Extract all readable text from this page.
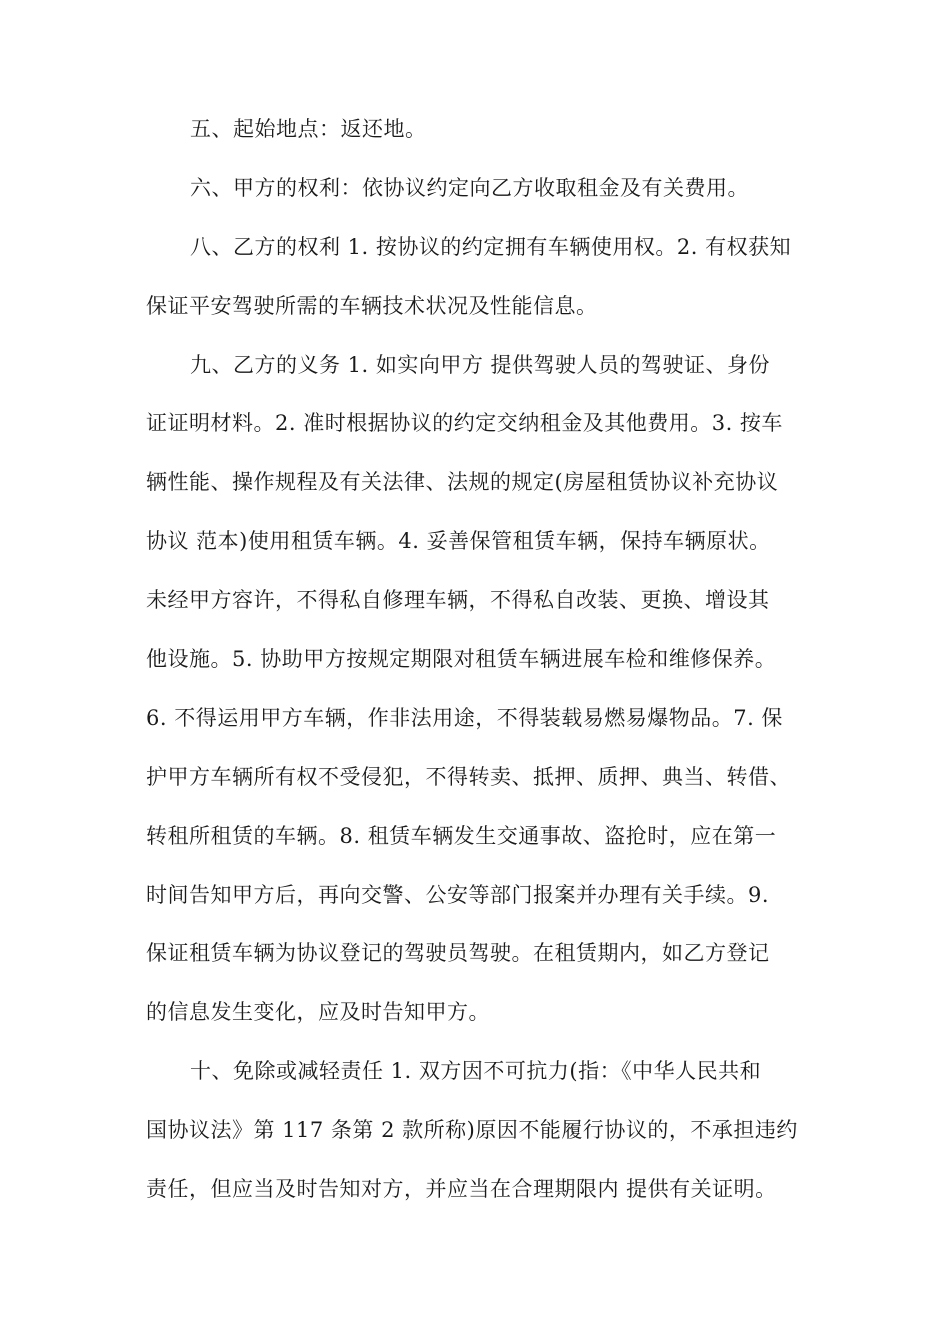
五、起始地点：返还地。
六、甲方的权利：依协议约定向乙方收取租金及有关费用。
八、乙方的权利 1. 按协议的约定拥有车辆使用权。2. 有权获知
保证平安驾驶所需的车辆技术状况及性能信息。
九、乙方的义务 1. 如实向甲方 提供驾驶人员的驾驶证、身份
证证明材料。2. 准时根据协议的约定交纳租金及其他费用。3. 按车
辆性能、操作规程及有关法律、法规的规定(房屋租赁协议补充协议
协议 范本)使用租赁车辆。4. 妥善保管租赁车辆，保持车辆原状。
未经甲方容许，不得私自修理车辆，不得私自改装、更换、增设其
他设施。5. 协助甲方按规定期限对租赁车辆进展车检和维修保养。
6. 不得运用甲方车辆，作非法用途，不得装载易燃易爆物品。7. 保
护甲方车辆所有权不受侵犯，不得转卖、抵押、质押、典当、转借、
转租所租赁的车辆。8. 租赁车辆发生交通事故、盗抢时，应在第一
时间告知甲方后，再向交警、公安等部门报案并办理有关手续。9.
保证租赁车辆为协议登记的驾驶员驾驶。在租赁期内，如乙方登记
的信息发生变化，应及时告知甲方。
十、免除或减轻责任 1. 双方因不可抗力(指：《中华人民共和
国协议法》第 117 条第 2 款所称)原因不能履行协议的，不承担违约
责任，但应当及时告知对方，并应当在合理期限内 提供有关证明。
